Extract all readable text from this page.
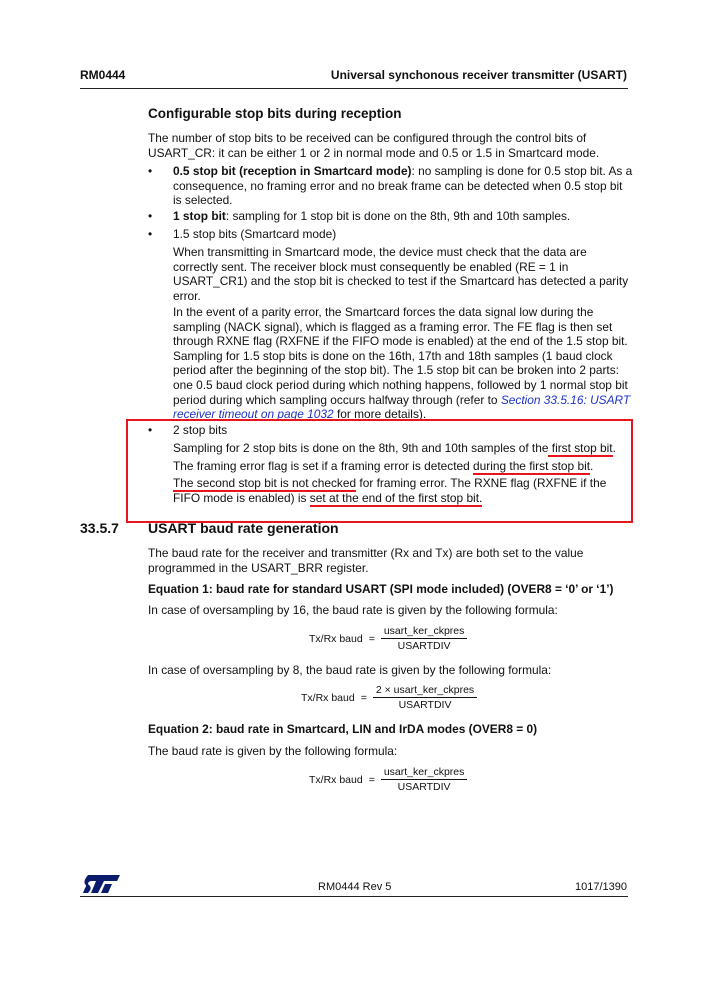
RM0444	Universal synchonous receiver transmitter (USART)
Configurable stop bits during reception
The number of stop bits to be received can be configured through the control bits of
USART_CR: it can be either 1 or 2 in normal mode and 0.5 or 1.5 in Smartcard mode.
• 0.5 stop bit (reception in Smartcard mode): no sampling is done for 0.5 stop bit. As a
consequence, no framing error and no break frame can be detected when 0.5 stop bit
is selected.
• 1 stop bit: sampling for 1 stop bit is done on the 8th, 9th and 10th samples.
• 1.5 stop bits (Smartcard mode)
When transmitting in Smartcard mode, the device must check that the data are
correctly sent. The receiver block must consequently be enabled (RE = 1 in
USART_CR1) and the stop bit is checked to test if the Smartcard has detected a parity
error.
In the event of a parity error, the Smartcard forces the data signal low during the
sampling (NACK signal), which is flagged as a framing error. The FE flag is then set
through RXNE flag (RXFNE if the FIFO mode is enabled) at the end of the 1.5 stop bit.
Sampling for 1.5 stop bits is done on the 16th, 17th and 18th samples (1 baud clock
period after the beginning of the stop bit). The 1.5 stop bit can be broken into 2 parts:
one 0.5 baud clock period during which nothing happens, followed by 1 normal stop bit
period during which sampling occurs halfway through (refer to Section 33.5.16: USART
receiver timeout on page 1032 for more details).
• 2 stop bits
Sampling for 2 stop bits is done on the 8th, 9th and 10th samples of the first stop bit.
The framing error flag is set if a framing error is detected during the first stop bit.
The second stop bit is not checked for framing error. The RXNE flag (RXFNE if the
FIFO mode is enabled) is set at the end of the first stop bit.
33.5.7 USART baud rate generation
The baud rate for the receiver and transmitter (Rx and Tx) are both set to the value
programmed in the USART_BRR register.
Equation 1: baud rate for standard USART (SPI mode included) (OVER8 = ‘0’ or ‘1’)
In case of oversampling by 16, the baud rate is given by the following formula:
Tx/Rx baud = $\frac{\text{usart\_ker\_ckpres}}{\text{USARTDIV}}$
In case of oversampling by 8, the baud rate is given by the following formula:
Tx/Rx baud = $\frac{\text{2 × usart\_ker\_ckpres}}{\text{USARTDIV}}$
Equation 2: baud rate in Smartcard, LIN and IrDA modes (OVER8 = 0)
The baud rate is given by the following formula:
Tx/Rx baud = $\frac{\text{usart\_ker\_ckpres}}{\text{USARTDIV}}$
RM0444 Rev 5	1017/1390
